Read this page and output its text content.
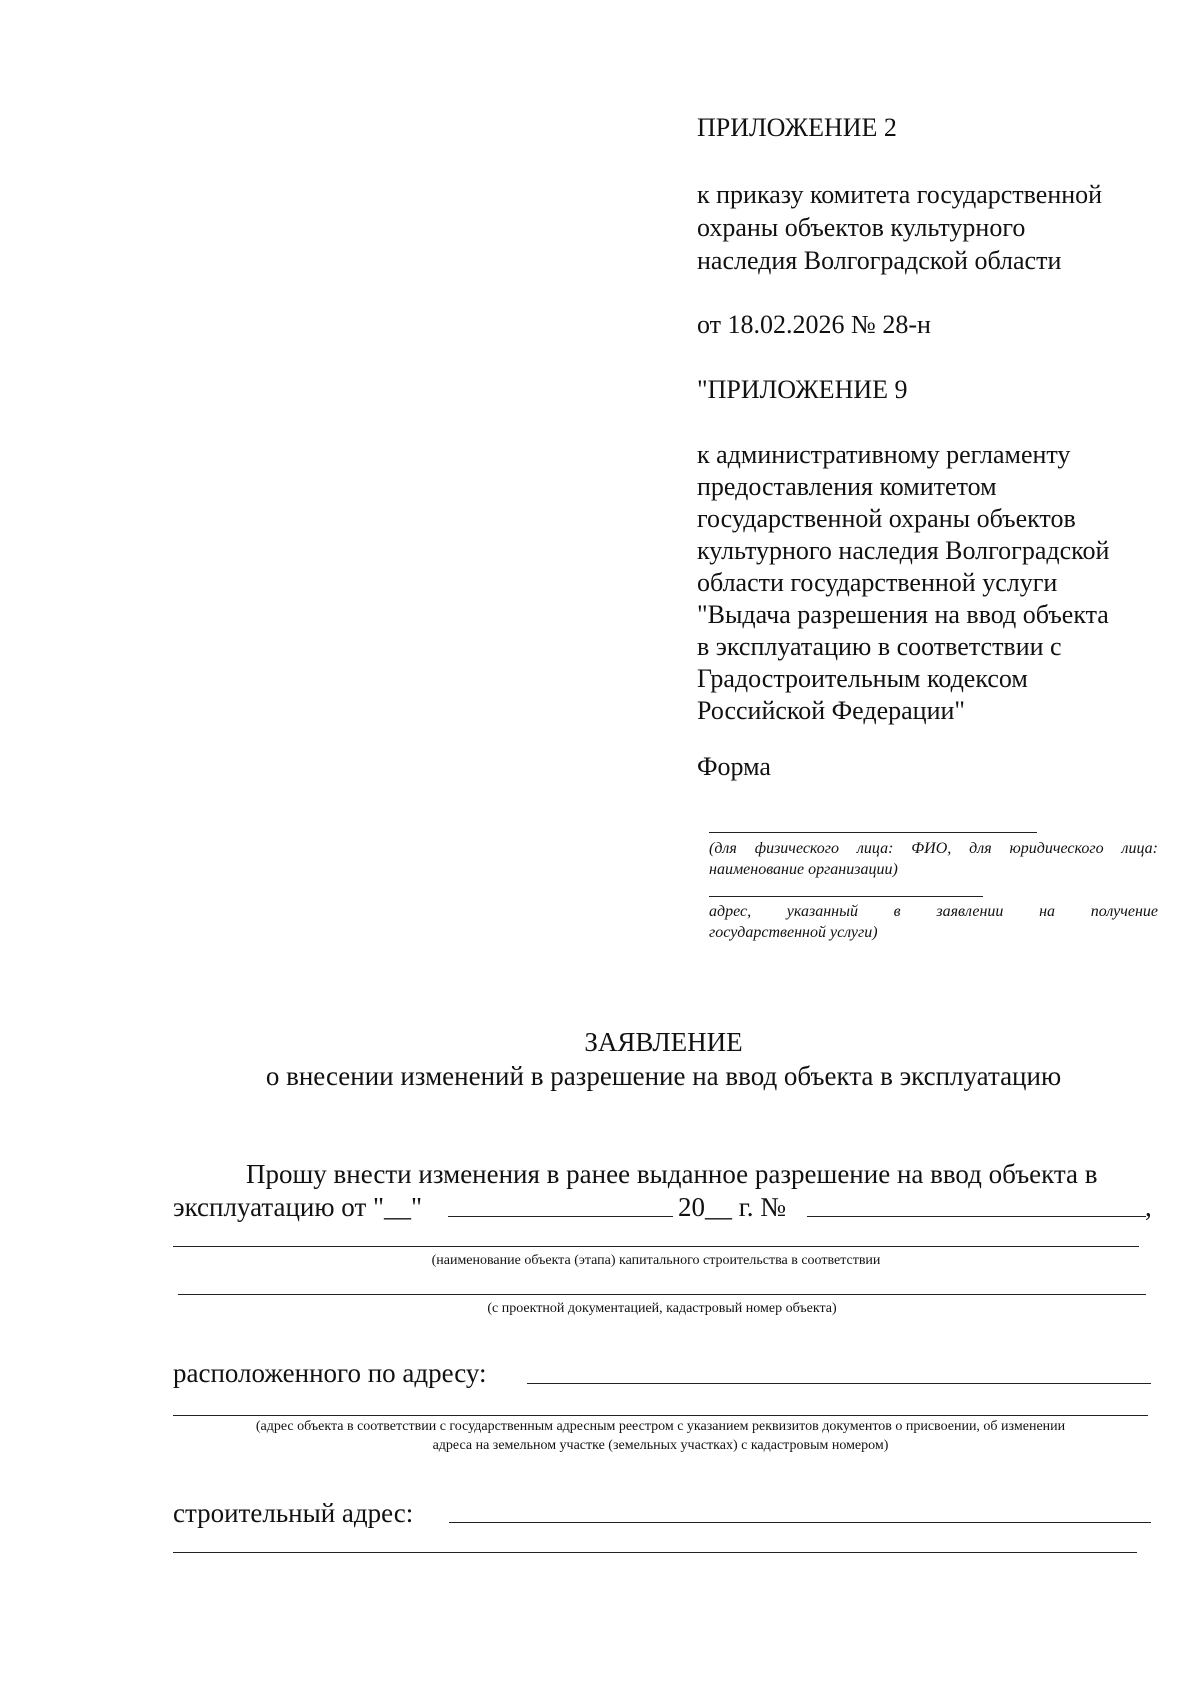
ПРИЛОЖЕНИЕ 2
к приказу комитета государственной
охраны объектов культурного
наследия Волгоградской области
от 18.02.2026 № 28-н
"ПРИЛОЖЕНИЕ 9
к административному регламенту
предоставления комитетом
государственной охраны объектов
культурного наследия Волгоградской
области государственной услуги
"Выдача разрешения на ввод объекта
в эксплуатацию в соответствии с
Градостроительным кодексом
Российской Федерации"
Форма
(для физического лица: ФИО, для юридического лица:
наименование организации)
адрес, указанный в заявлении на получение
государственной услуги)
ЗАЯВЛЕНИЕ
о внесении изменений в разрешение на ввод объекта в эксплуатацию
Прошу внести изменения в ранее выданное разрешение на ввод объекта в
эксплуатацию от "__"	20__ г. №	,
(наименование объекта (этапа) капитального строительства в соответствии
(с проектной документацией, кадастровый номер объекта)
расположенного по адресу:
(адрес объекта в соответствии с государственным адресным реестром с указанием реквизитов документов о присвоении, об изменении
адреса на земельном участке (земельных участках) с кадастровым номером)
строительный адрес:
